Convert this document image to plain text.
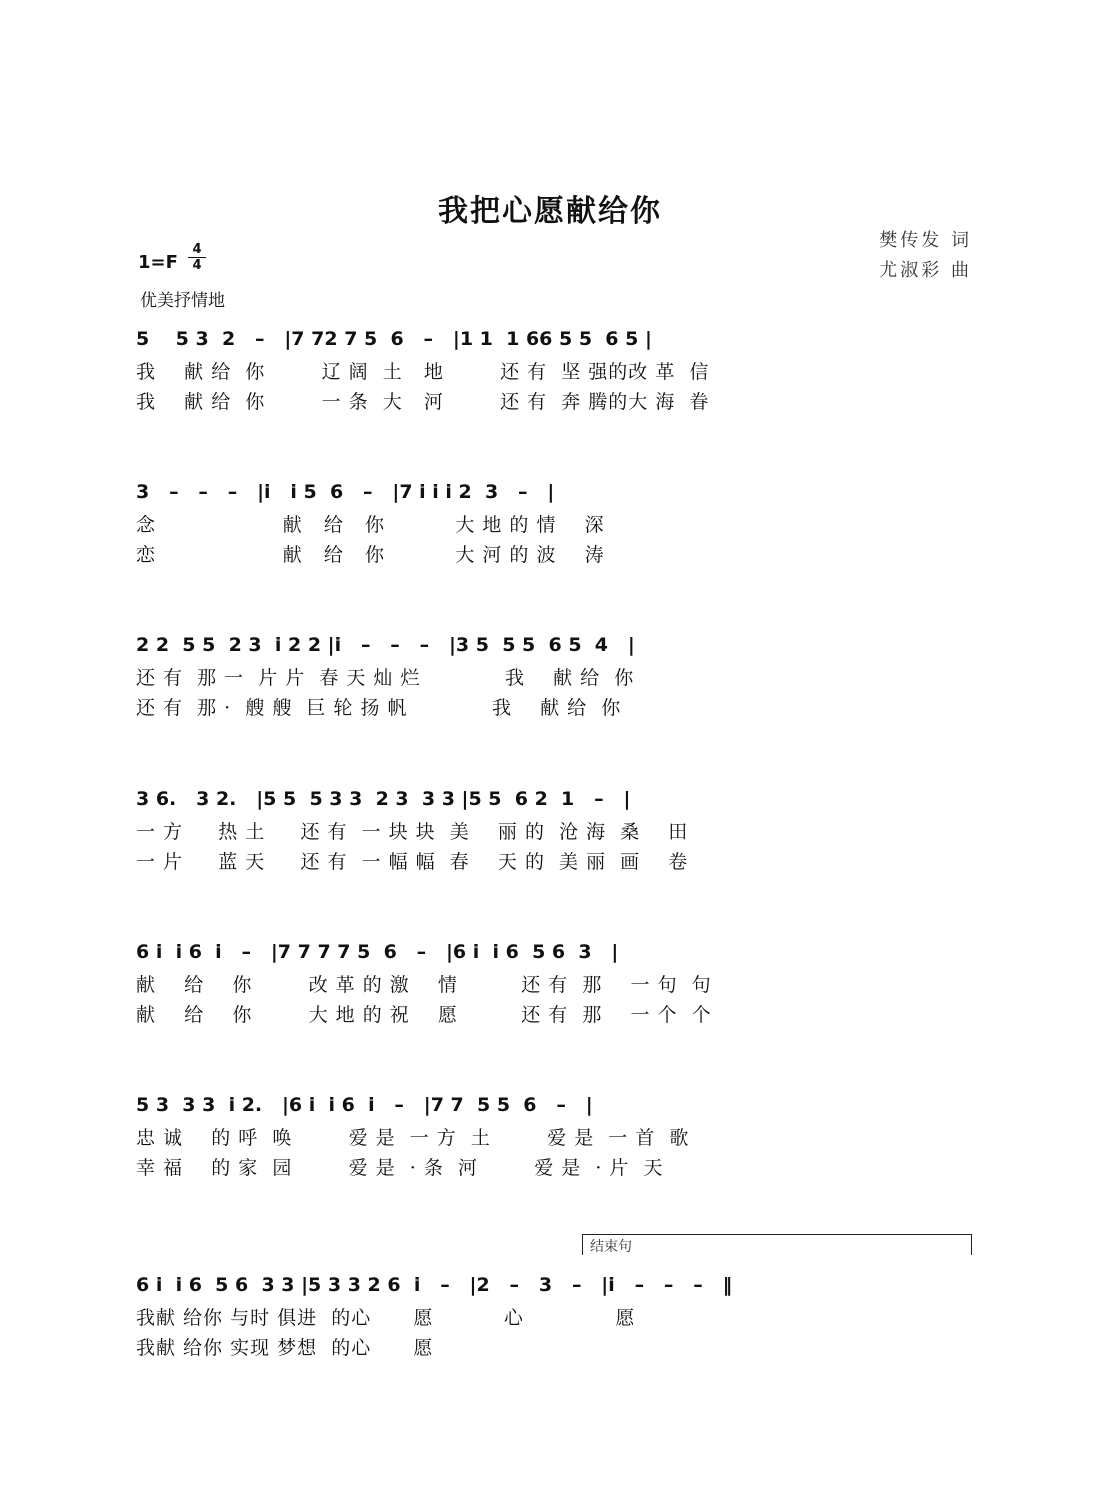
我把心愿献给你
樊传发 词
尤淑彩 曲
1=F
4
4
优美抒情地
5    5 3  2   –   |7 72 7 5  6   –   |1 1  1 66 5 5  6 5 |
我    献 给  你        辽 阔  土   地        还 有  坚 强的改 革  信
我    献 给  你        一 条  大   河        还 有  奔 腾的大 海  眷
3   –   –   –   |i   i 5  6   –   |7 i i i 2  3   –   |
念                  献   给   你          大 地 的 情    深
恋                  献   给   你          大 河 的 波    涛
2 2  5 5  2 3  i 2 2 |i   –   –   –   |3 5  5 5  6 5  4   |
还 有  那 一  片 片  春 天 灿 烂            我    献 给  你
还 有  那 ·  艘 艘  巨 轮 扬 帆            我    献 给  你
3 6.   3 2.   |5 5  5 3 3  2 3  3 3 |5 5  6 2  1   –   |
一 方     热 土     还 有  一 块 块  美    丽 的  沧 海  桑    田
一 片     蓝 天     还 有  一 幅 幅  春    天 的  美 丽  画    卷
6 i  i 6  i   –   |7 7 7 7 5  6   –   |6 i  i 6  5 6  3   |
献    给    你        改 革 的 激    情         还 有  那    一 句  句
献    给    你        大 地 的 祝    愿         还 有  那    一 个  个
5 3  3 3  i 2.   |6 i  i 6  i   –   |7 7  5 5  6   –   |
忠 诚    的 呼  唤        爱 是  一 方  土        爱 是  一 首  歌
幸 福    的 家  园        爱 是  · 条  河        爱 是  · 片  天
结束句
6 i  i 6  5 6  3 3 |5 3 3 2 6  i   –   |2   –   3   –   |i   –   –   –   ‖
我献 给你 与时 俱进  的心      愿          心             愿
我献 给你 实现 梦想  的心      愿
